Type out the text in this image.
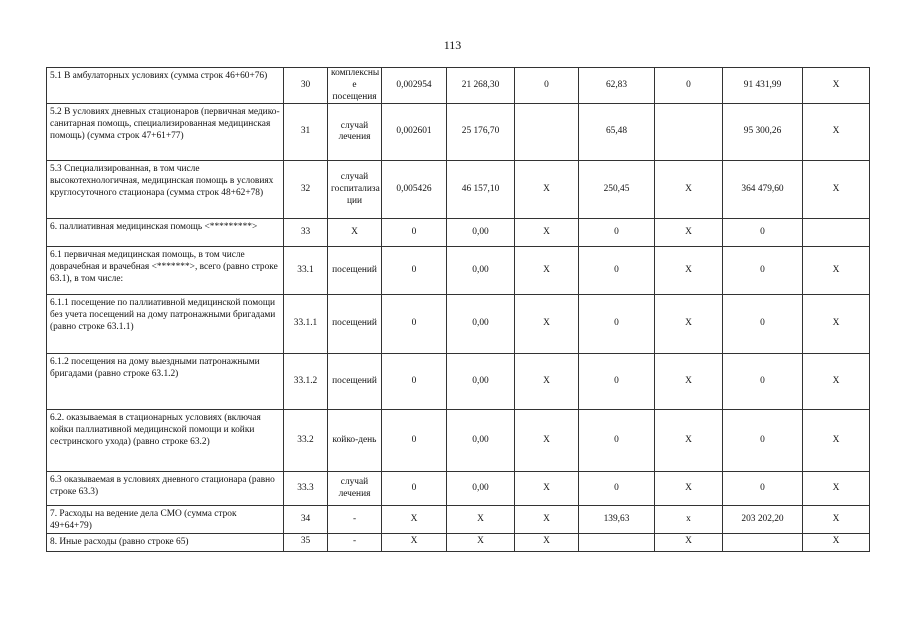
113
5.1 В амбулаторных условиях (сумма строк 46+60+76)	30	комплексны е посещения	0,002954	21 268,30	0	62,83	0	91 431,99	X
5.2 В условиях дневных стационаров (первичная медико-санитарная помощь, специализированная медицинская помощь) (сумма строк 47+61+77)	31	случай лечения	0,002601	25 176,70		65,48		95 300,26	X
5.3 Специализированная, в том числе высокотехнологичная, медицинская помощь в условиях круглосуточного стационара (сумма строк 48+62+78)	32	случай госпитализа ции	0,005426	46 157,10	X	250,45	X	364 479,60	X
6. паллиативная медицинская помощь <*********>	33	X	0	0,00	X	0	X	0	
6.1 первичная медицинская помощь, в том числе доврачебная и врачебная <*******>, всего (равно строке 63.1), в том числе:	33.1	посещений	0	0,00	X	0	X	0	X
6.1.1 посещение по паллиативной медицинской помощи без учета посещений на дому патронажными бригадами (равно строке 63.1.1)	33.1.1	посещений	0	0,00	X	0	X	0	X
6.1.2 посещения на дому выездными патронажными бригадами (равно строке 63.1.2)	33.1.2	посещений	0	0,00	X	0	X	0	X
6.2. оказываемая в стационарных условиях (включая койки паллиативной медицинской помощи и койки сестринского ухода) (равно строке 63.2)	33.2	койко-день	0	0,00	X	0	X	0	X
6.3 оказываемая в условиях дневного стационара (равно строке 63.3)	33.3	случай лечения	0	0,00	X	0	X	0	X
7. Расходы на ведение дела СМО (сумма строк 49+64+79)	34	-	X	X	X	139,63	x	203 202,20	X
8. Иные расходы (равно строке 65)	35	-	X	X	X		X		X
